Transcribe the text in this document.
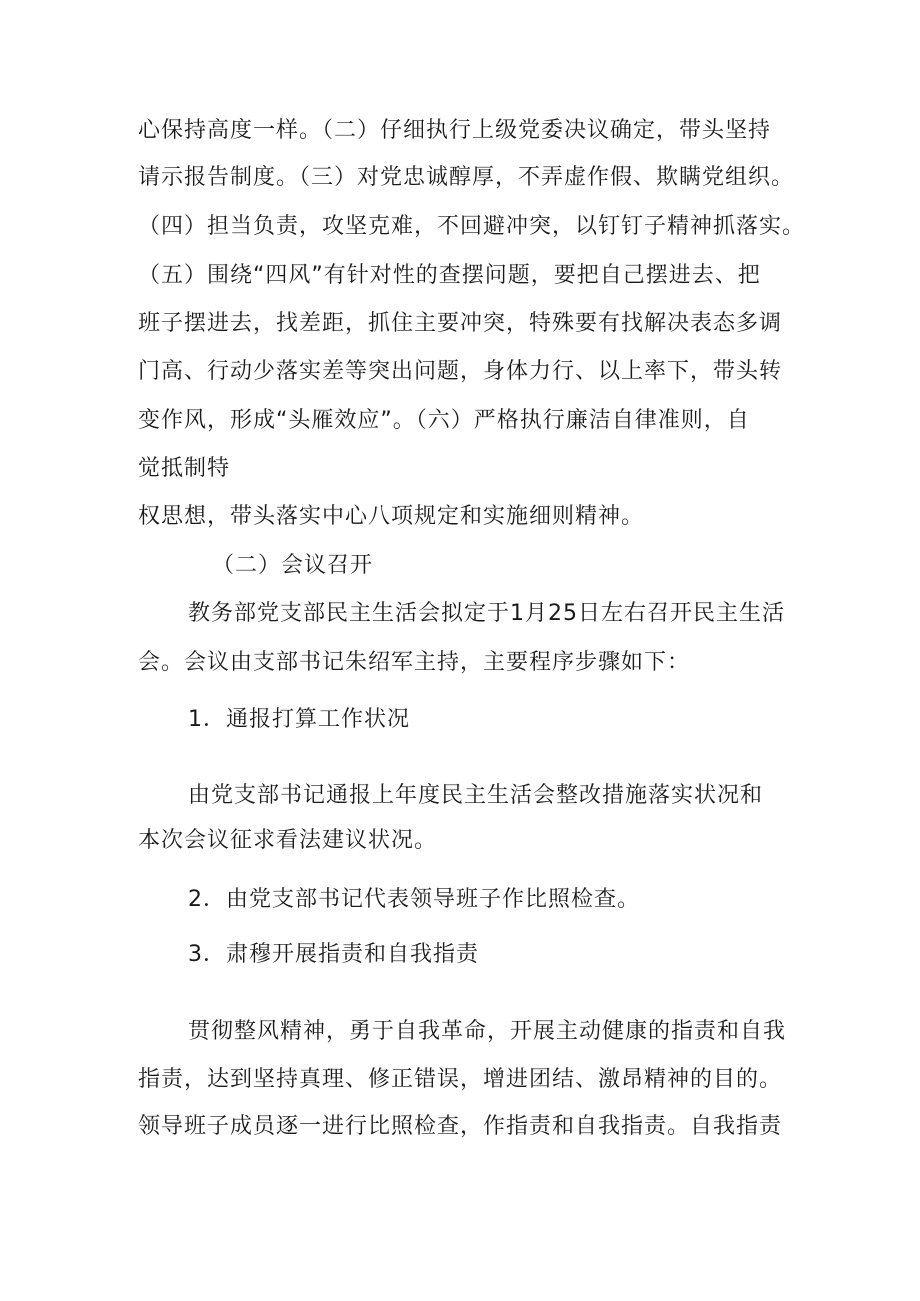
心保持高度一样。（二）仔细执行上级党委决议确定，带头坚持
请示报告制度。（三）对党忠诚醇厚，不弄虚作假、欺瞒党组织。
（四）担当负责，攻坚克难，不回避冲突，以钉钉子精神抓落实。
（五）围绕“四风”有针对性的查摆问题，要把自己摆进去、把
班子摆进去，找差距，抓住主要冲突，特殊要有找解决表态多调
门高、行动少落实差等突出问题，身体力行、以上率下，带头转
变作风，形成“头雁效应”。（六）严格执行廉洁自律准则，自
觉抵制特
权思想，带头落实中心八项规定和实施细则精神。
（二）会议召开
教务部党支部民主生活会拟定于1月25日左右召开民主生活
会。会议由支部书记朱绍军主持，主要程序步骤如下：
1．通报打算工作状况
由党支部书记通报上年度民主生活会整改措施落实状况和
本次会议征求看法建议状况。
2．由党支部书记代表领导班子作比照检查。
3．肃穆开展指责和自我指责
贯彻整风精神，勇于自我革命，开展主动健康的指责和自我
指责，达到坚持真理、修正错误，增进团结、激昂精神的目的。
领导班子成员逐一进行比照检查，作指责和自我指责。自我指责
